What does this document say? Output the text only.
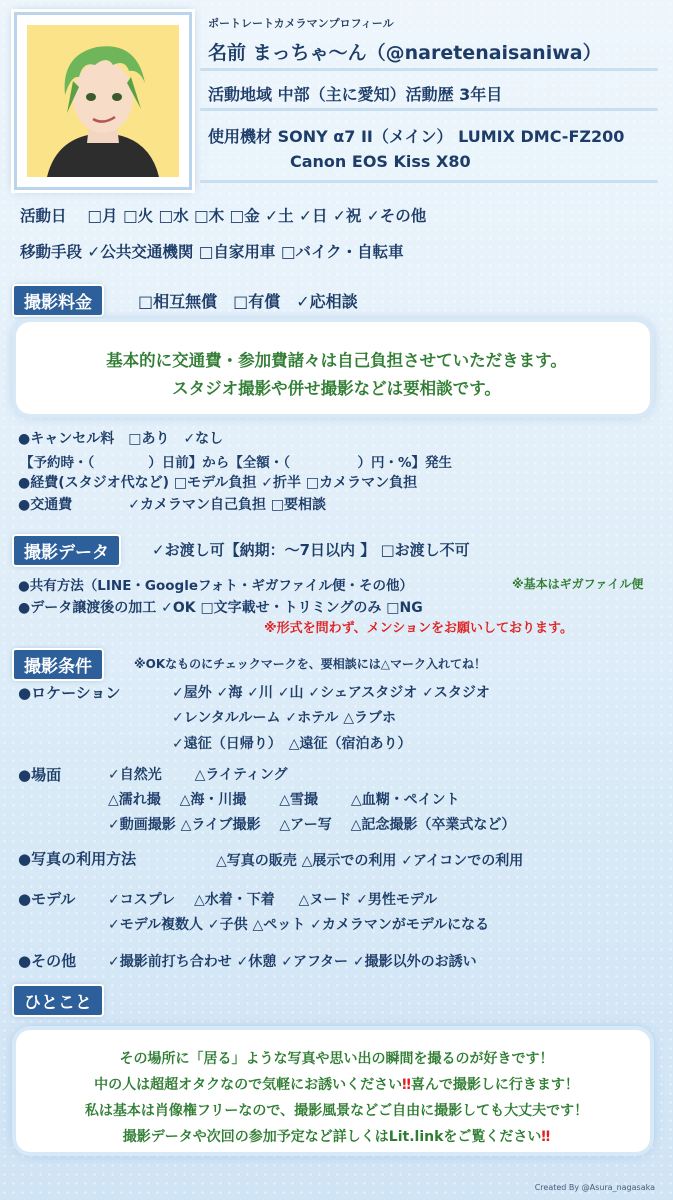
ポートレートカメラマンプロフィール
名前 まっちゃ～ん（@naretenaisaniwa）
活動地域 中部（主に愛知）活動歴 3年目
使用機材 SONY α7 II（メイン） LUMIX DMC-FZ200
Canon EOS Kiss X80
活動日　 □月 □火 □水 □木 □金 ✓土 ✓日 ✓祝 ✓その他
移動手段 ✓公共交通機関 □自家用車 □バイク・自転車
撮影料金	□相互無償　□有償　✓応相談
基本的に交通費・参加費諸々は自己負担させていただきます。
スタジオ撮影や併せ撮影などは要相談です。
●キャンセル料　□あり　✓なし
【予約時・（　　　　）日前】から【全額・（　　　　　）円・%】発生
●経費(スタジオ代など) □モデル負担 ✓折半 □カメラマン負担
●交通費　　　　✓カメラマン自己負担 □要相談
撮影データ	✓お渡し可【納期：～7日以内 】 □お渡し不可
●共有方法（LINE・Googleフォト・ギガファイル便・その他）	※基本はギガファイル便
●データ譲渡後の加工 ✓OK □文字載せ・トリミングのみ □NG
※形式を問わず、メンションをお願いしております。
撮影条件	※OKなものにチェックマークを、要相談には△マーク入れてね！
●ロケーション	✓屋外 ✓海 ✓川 ✓山 ✓シェアスタジオ ✓スタジオ
✓レンタルルーム ✓ホテル △ラブホ
✓遠征（日帰り）　△遠征（宿泊あり）
●場面	✓自然光　　 △ライティング
△濡れ撮　 △海・川撮　　 △雪撮　　 △血糊・ペイント
✓動画撮影 △ライブ撮影 　△アー写 　△記念撮影（卒業式など）
●写真の利用方法	△写真の販売 △展示での利用 ✓アイコンでの利用
●モデル ✓コスプレ　 △水着・下着 　 △ヌード ✓男性モデル
✓モデル複数人 ✓子供 △ペット ✓カメラマンがモデルになる
●その他 ✓撮影前打ち合わせ ✓休憩 ✓アフター ✓撮影以外のお誘い
ひとこと
その場所に「居る」ような写真や思い出の瞬間を撮るのが好きです！
中の人は超超オタクなので気軽にお誘いください‼喜んで撮影しに行きます！
私は基本は肖像権フリーなので、撮影風景などご自由に撮影しても大丈夫です！
撮影データや次回の参加予定など詳しくはLit.linkをご覧ください‼
Created By @Asura_nagasaka
